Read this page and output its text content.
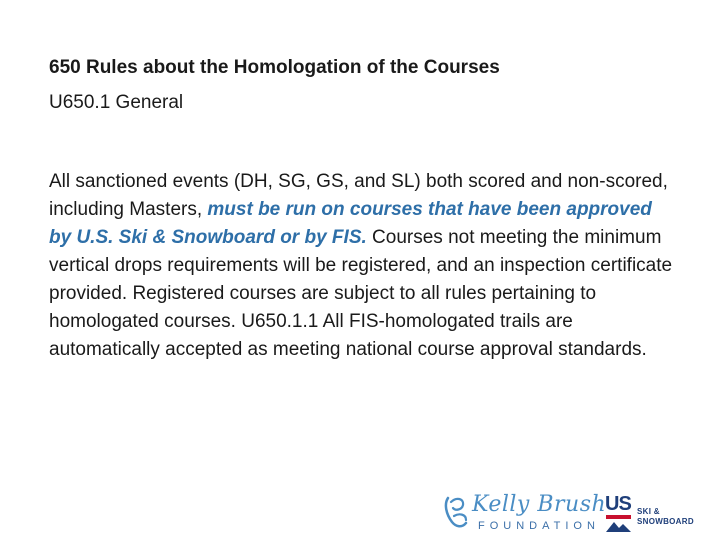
650 Rules about the Homologation of the Courses
U650.1 General

All sanctioned events (DH, SG, GS, and SL) both scored and non-scored, including Masters, must be run on courses that have been approved by U.S. Ski & Snowboard or by FIS. Courses not meeting the minimum vertical drops requirements will be registered, and an inspection certificate provided. Registered courses are subject to all rules pertaining to homologated courses. U650.1.1 All FIS-homologated trails are automatically accepted as meeting national course approval standards.

Kelly Brush
FOUNDATION
US SKI &
SNOWBOARD
